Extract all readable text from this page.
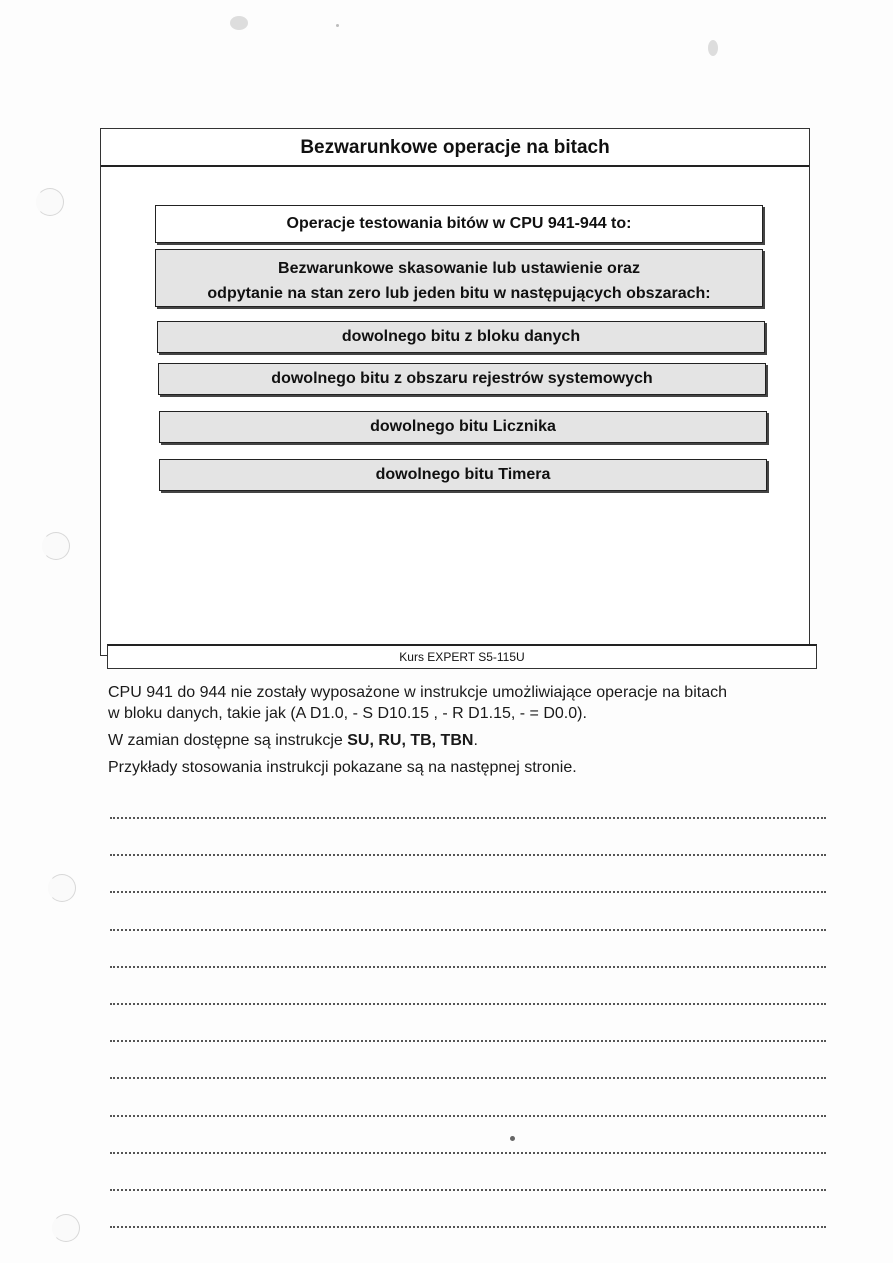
Bezwarunkowe operacje na bitach
Operacje testowania bitów w CPU 941-944 to:
Bezwarunkowe skasowanie lub ustawienie oraz
odpytanie na stan zero lub jeden bitu w następujących obszarach:
dowolnego bitu z bloku danych
dowolnego bitu z obszaru rejestrów systemowych
dowolnego bitu Licznika
dowolnego bitu Timera
Kurs EXPERT S5-115U

CPU 941 do 944 nie zostały wyposażone w instrukcje umożliwiające operacje na bitach
w bloku danych, takie jak (A D1.0, - S D10.15 , - R D1.15, - = D0.0).

W zamian dostępne są instrukcje SU, RU, TB, TBN.

Przykłady stosowania instrukcji pokazane są na następnej stronie.
